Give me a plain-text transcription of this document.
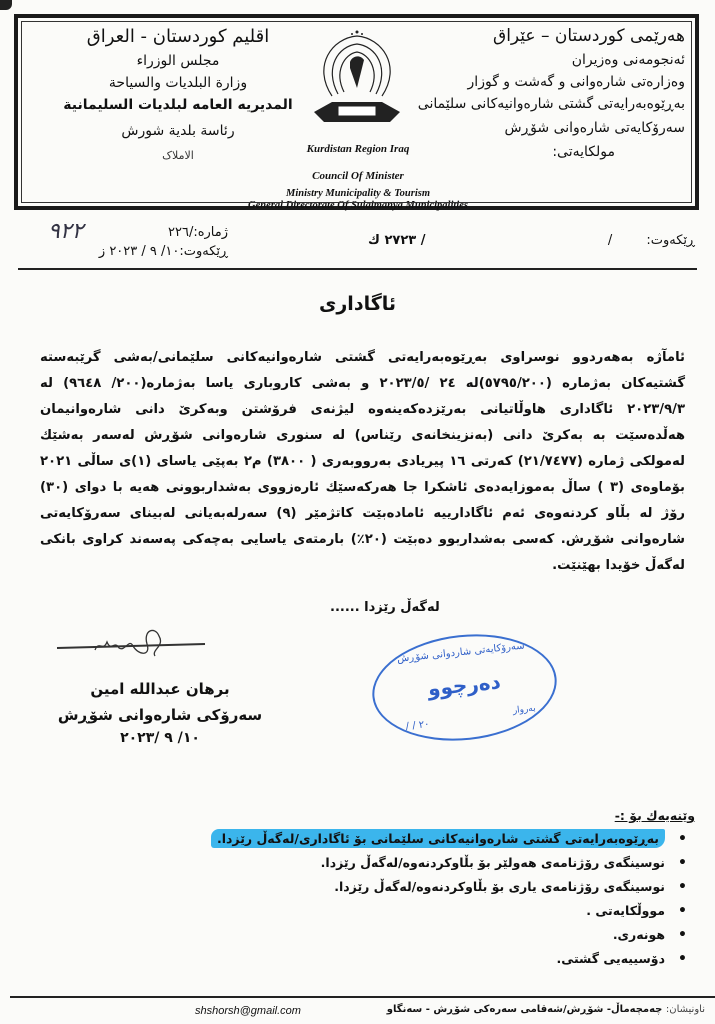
هەرێمی کوردستان – عێراق
ئەنجومەنی وەزیران
وەزارەتی شارەوانی و گەشت و گوزار
بەڕێوەبەرایەتی گشتی شارەوانیەکانی سلێمانی
سەرۆکایەتی شارەوانی شۆڕش
مولکایەتی:
اقليم كوردستان - العراق
مجلس الوزراء
وزارة البلديات والسياحة
المديريه العامه لبلديات السليمانية
رئاسة بلدية شورش
الاملاک	Kurdistan Region Iraq
Council Of Minister
Ministry Municipality & Tourism
General Directorate Of Sulaimanya Municipalities
٩٢٢	ژمارە:/٢٢٦
ڕێکەوت:١٠/ ٩ / ٢٠٢٣ ز
/ ٢٧٢٣ ك	ڕێکەوت: /
ئاگاداری
ئامآژە بەهەردوو نوسراوی بەڕێوەبەرایەتی گشتی شارەوانیەکانی سلێمانی/بەشی گرێبەستە گشتیەکان بەژمارە (٥٧٩٥/٢٠٠)لە ٢٤ /٢٠٢٣/٥ و بەشی کاروباری یاسا بەژمارە(٢٠٠/ ٩٦٤٨) لە ٢٠٢٣/٩/٣ ئاگاداری هاوڵاتیانی بەرێزدەکەینەوە لیژنەی فرۆشتن وبەکرێ دانی شارەوانیمان هەڵدەسێت بە بەکرێ دانی (بەنزینخانەی رێناس) لە سنوری شارەوانی شۆڕش لەسەر بەشێك لەمولکی ژمارە (٢١/٧٤٧٧) کەرتی ١٦ پیریادی بەرووبەری ( ٣٨٠٠) م٢ بەپێی یاسای (١)ی ساڵی ٢٠٢١ بۆماوەی (٣ ) ساڵ بەموزایەدەی ئاشکرا جا هەرکەسێك ئارەزووی بەشداربوونی هەیە با دوای (٣٠) رۆژ لە بڵاو کردنەوەی ئەم ئاگادارییە ئامادەبێت کاتژمێر (٩) سەرلەبەیانی لەبینای سەرۆکایەتی شارەوانی شۆڕش. کەسی بەشداربوو دەبێت (٢٠٪) بارمتەی یاسایی بەچەکی پەسەند کراوی بانکی لەگەڵ خۆیدا بهێنێت.
لەگەڵ رێزدا ......
برهان عبدالله امين
سەرۆکی شارەوانی شۆڕش
١٠/ ٩ /٢٠٢٣
سەرۆکایەتی شاردوانی شۆڕش
دەرچوو
بەروار
/ / ٢٠
وێنەیەك بۆ :-
• بەڕێوەبەرایەتی گشتی شارەوانیەکانی سلێمانی بۆ ئاگاداری/لەگەڵ رێزدا.
• نوسینگەی رۆژنامەی هەولێر بۆ بڵاوکردنەوە/لەگەڵ رێزدا.
• نوسینگەی رۆژنامەی یاری بۆ بڵاوکردنەوە/لەگەڵ رێزدا.
• مووڵکایەتی .
• هونەری.
• دۆسییەیی گشتی.
shshorsh@gmail.com	ناونیشان: چەمچەماڵ- شۆڕش/شەقامی سەرەکی شۆڕش - سەنگاو
